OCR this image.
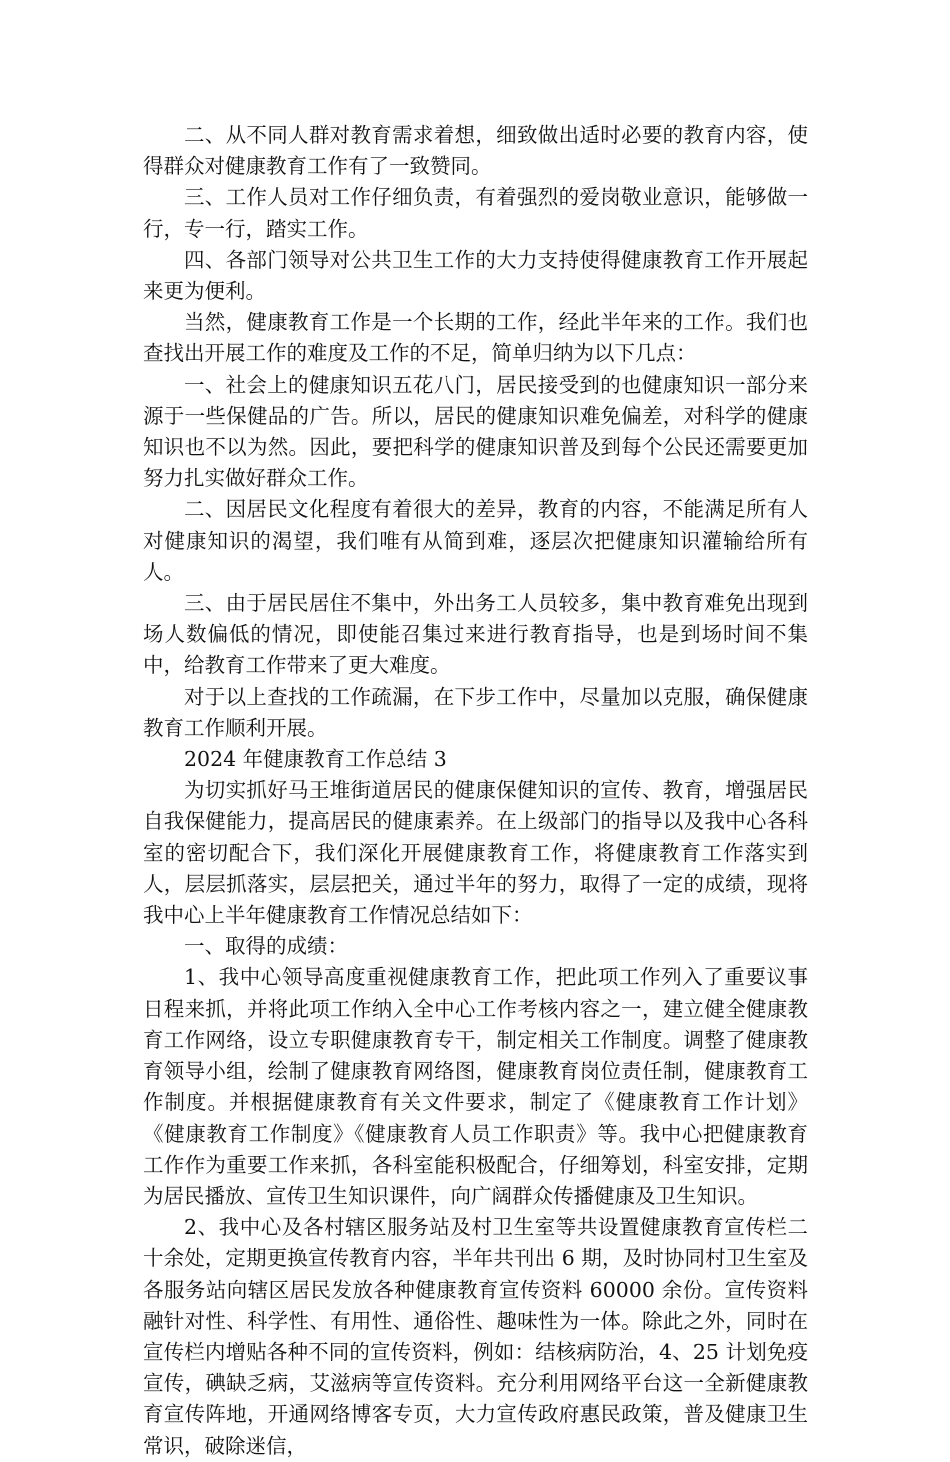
二、从不同人群对教育需求着想，细致做出适时必要的教育内容，使得群众对健康教育工作有了一致赞同。

三、工作人员对工作仔细负责，有着强烈的爱岗敬业意识，能够做一行，专一行，踏实工作。

四、各部门领导对公共卫生工作的大力支持使得健康教育工作开展起来更为便利。

当然，健康教育工作是一个长期的工作，经此半年来的工作。我们也查找出开展工作的难度及工作的不足，简单归纳为以下几点：

一、社会上的健康知识五花八门，居民接受到的也健康知识一部分来源于一些保健品的广告。所以，居民的健康知识难免偏差，对科学的健康知识也不以为然。因此，要把科学的健康知识普及到每个公民还需要更加努力扎实做好群众工作。

二、因居民文化程度有着很大的差异，教育的内容，不能满足所有人对健康知识的渴望，我们唯有从简到难，逐层次把健康知识灌输给所有人。

三、由于居民居住不集中，外出务工人员较多，集中教育难免出现到场人数偏低的情况，即使能召集过来进行教育指导，也是到场时间不集中，给教育工作带来了更大难度。

对于以上查找的工作疏漏，在下步工作中，尽量加以克服，确保健康教育工作顺利开展。

2024 年健康教育工作总结 3

为切实抓好马王堆街道居民的健康保健知识的宣传、教育，增强居民自我保健能力，提高居民的健康素养。在上级部门的指导以及我中心各科室的密切配合下，我们深化开展健康教育工作，将健康教育工作落实到人，层层抓落实，层层把关，通过半年的努力，取得了一定的成绩，现将我中心上半年健康教育工作情况总结如下：

一、取得的成绩：

1、我中心领导高度重视健康教育工作，把此项工作列入了重要议事日程来抓，并将此项工作纳入全中心工作考核内容之一，建立健全健康教育工作网络，设立专职健康教育专干，制定相关工作制度。调整了健康教育领导小组，绘制了健康教育网络图，健康教育岗位责任制，健康教育工作制度。并根据健康教育有关文件要求，制定了《健康教育工作计划》《健康教育工作制度》《健康教育人员工作职责》等。我中心把健康教育工作作为重要工作来抓，各科室能积极配合，仔细筹划，科室安排，定期为居民播放、宣传卫生知识课件，向广阔群众传播健康及卫生知识。

2、我中心及各村辖区服务站及村卫生室等共设置健康教育宣传栏二十余处，定期更换宣传教育内容，半年共刊出 6 期，及时协同村卫生室及各服务站向辖区居民发放各种健康教育宣传资料 60000 余份。宣传资料融针对性、科学性、有用性、通俗性、趣味性为一体。除此之外，同时在宣传栏内增贴各种不同的宣传资料，例如：结核病防治，4、25 计划免疫宣传，碘缺乏病，艾滋病等宣传资料。充分利用网络平台这一全新健康教育宣传阵地，开通网络博客专页，大力宣传政府惠民政策，普及健康卫生常识，破除迷信，
